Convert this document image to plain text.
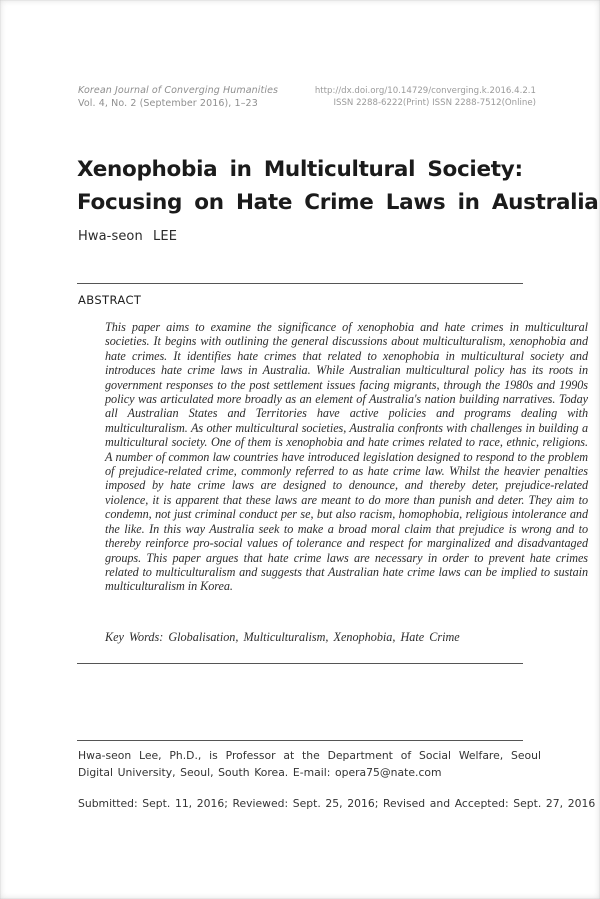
Korean Journal of Converging Humanities
Vol. 4, No. 2 (September 2016), 1–23
http://dx.doi.org/10.14729/converging.k.2016.4.2.1
ISSN 2288-6222(Print) ISSN 2288-7512(Online)
Xenophobia in Multicultural Society:
Focusing on Hate Crime Laws in Australia
Hwa-seon LEE
ABSTRACT
This paper aims to examine the significance of xenophobia and hate crimes in multicultural societies. It begins with outlining the general discussions about multiculturalism, xenophobia and hate crimes. It identifies hate crimes that related to xenophobia in multicultural society and introduces hate crime laws in Australia. While Australian multicultural policy has its roots in government responses to the post settlement issues facing migrants, through the 1980s and 1990s policy was articulated more broadly as an element of Australia's nation building narratives. Today all Australian States and Territories have active policies and programs dealing with multiculturalism. As other multicultural societies, Australia confronts with challenges in building a multicultural society. One of them is xenophobia and hate crimes related to race, ethnic, religions. A number of common law countries have introduced legislation designed to respond to the problem of prejudice-related crime, commonly referred to as hate crime law. Whilst the heavier penalties imposed by hate crime laws are designed to denounce, and thereby deter, prejudice-related violence, it is apparent that these laws are meant to do more than punish and deter. They aim to condemn, not just criminal conduct per se, but also racism, homophobia, religious intolerance and the like. In this way Australia seek to make a broad moral claim that prejudice is wrong and to thereby reinforce pro-social values of tolerance and respect for marginalized and disadvantaged groups. This paper argues that hate crime laws are necessary in order to prevent hate crimes related to multiculturalism and suggests that Australian hate crime laws can be implied to sustain multiculturalism in Korea.
Key Words: Globalisation, Multiculturalism, Xenophobia, Hate Crime
Hwa-seon Lee, Ph.D., is Professor at the Department of Social Welfare, Seoul Digital University, Seoul, South Korea. E-mail: opera75@nate.com
Submitted: Sept. 11, 2016; Reviewed: Sept. 25, 2016; Revised and Accepted: Sept. 27, 2016
